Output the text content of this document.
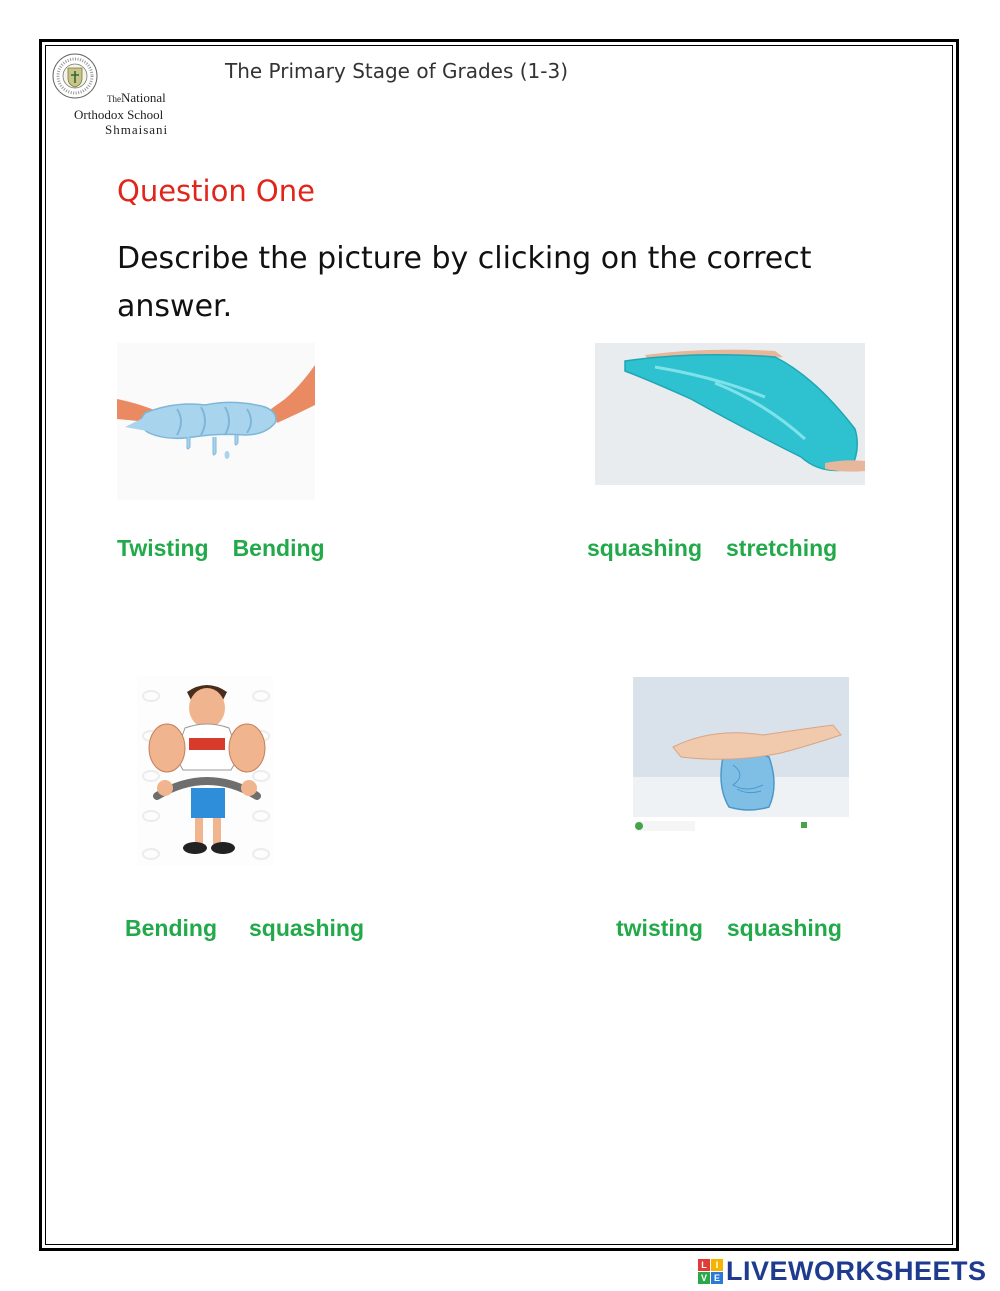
TheNational
Orthodox School
Shmaisani
The Primary Stage of Grades (1-3)
Question One
Describe the picture by clicking on the correct answer.
Twisting Bending	squashing stretching
Bending squashing	twisting squashing
L I
V E LIVEWORKSHEETS
